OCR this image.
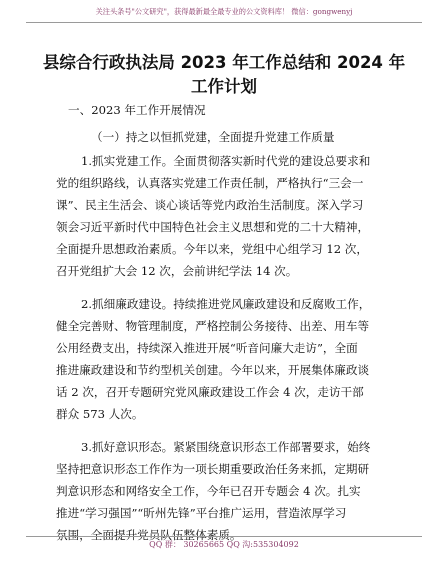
关注头条号"公文研究"，获得最新最全最专业的公文资料库！ 微信：gongwenyj
县综合行政执法局 2023 年工作总结和 2024 年
工作计划
一、2023 年工作开展情况
（一）持之以恒抓党建，全面提升党建工作质量
1.抓实党建工作。全面贯彻落实新时代党的建设总要求和
党的组织路线，认真落实党建工作责任制，严格执行“三会一
课”、民主生活会、谈心谈话等党内政治生活制度。深入学习
领会习近平新时代中国特色社会主义思想和党的二十大精神，
全面提升思想政治素质。今年以来，党组中心组学习 12 次，
召开党组扩大会 12 次，会前讲纪学法 14 次。
2.抓细廉政建设。持续推进党风廉政建设和反腐败工作，
健全完善财、物管理制度，严格控制公务接待、出差、用车等
公用经费支出，持续深入推进开展“听音问廉大走访”，全面
推进廉政建设和节约型机关创建。今年以来，开展集体廉政谈
话 2 次，召开专题研究党风廉政建设工作会 4 次，走访干部
群众 573 人次。
3.抓好意识形态。紧紧围绕意识形态工作部署要求，始终
坚持把意识形态工作作为一项长期重要政治任务来抓，定期研
判意识形态和网络安全工作，今年已召开专题会 4 次。扎实
推进“学习强国”“昕州先锋”平台推广运用，营造浓厚学习
氛围，全面提升党员队伍整体素质。
QQ 群： 30265665 QQ 沟:535304092
